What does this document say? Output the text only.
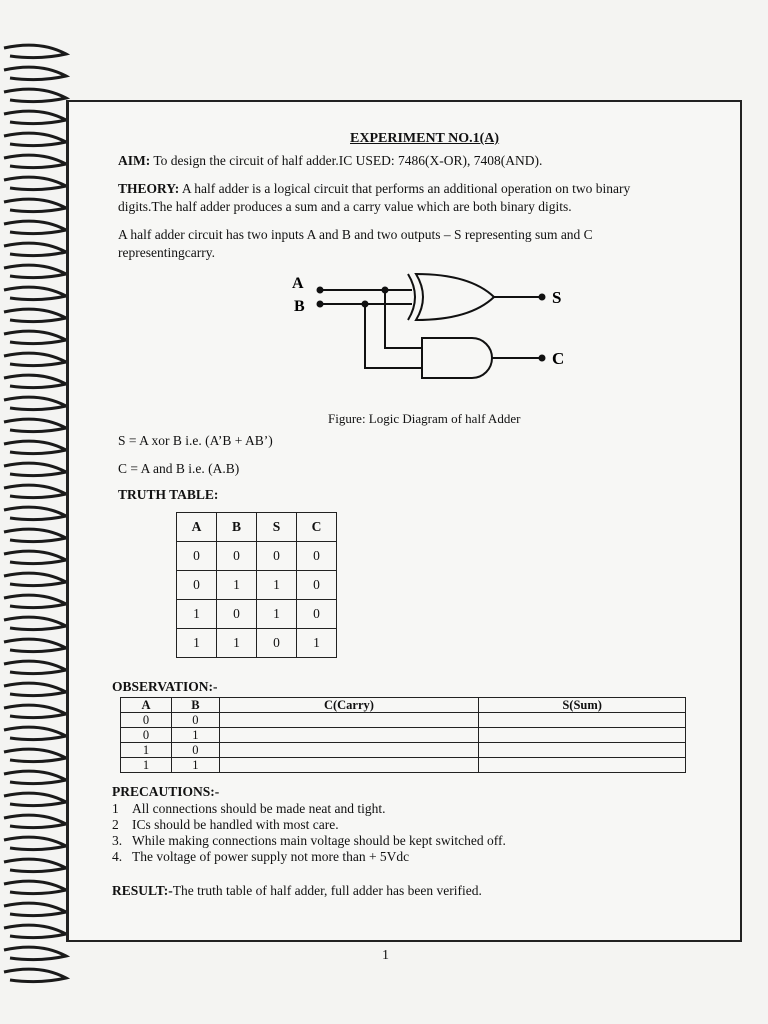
EXPERIMENT NO.1(A)
AIM: To design the circuit of half adder.IC USED: 7486(X-OR), 7408(AND).
THEORY: A half adder is a logical circuit that performs an additional operation on two binary digits.The half adder produces a sum and a carry value which are both binary digits.
A half adder circuit has two inputs A and B and two outputs – S representing sum and C representingcarry.
A
B	S
C
Figure: Logic Diagram of half Adder
S = A xor B i.e. (A’B + AB’)
C = A and B i.e. (A.B)
TRUTH TABLE:
A	B	S	C
0	0	0	0
0	1	1	0
1	0	1	0
1	1	0	1
OBSERVATION:-
A	B	C(Carry)	S(Sum)
0	0		
0	1		
1	0		
1	1		
PRECAUTIONS:-
1 All connections should be made neat and tight.
2 ICs should be handled with most care.
3. While making connections main voltage should be kept switched off.
4. The voltage of power supply not more than + 5Vdc
RESULT:-The truth table of half adder, full adder has been verified.
1
